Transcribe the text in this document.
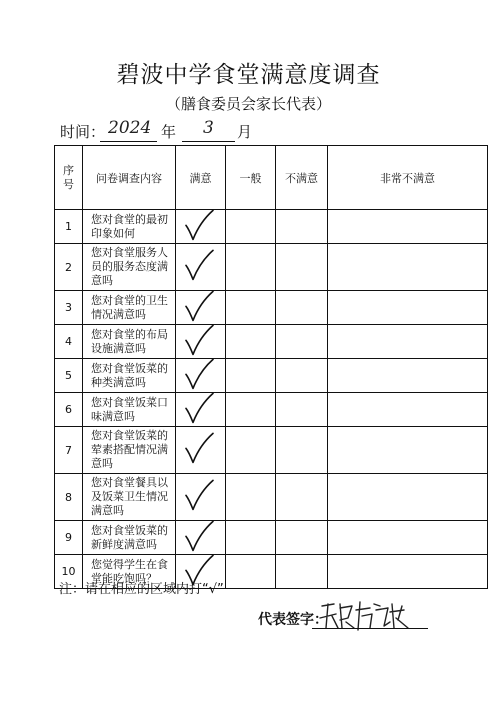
碧波中学食堂满意度调查
（膳食委员会家长代表）
时间： 2024 年 3 月
序号	问卷调查内容	满意	一般	不满意	非常不满意
1	您对食堂的最初印象如何	

2	您对食堂服务人员的服务态度满意吗	

3	您对食堂的卫生情况满意吗	

4	您对食堂的布局设施满意吗	

5	您对食堂饭菜的种类满意吗	

6	您对食堂饭菜口味满意吗	

7	您对食堂饭菜的荤素搭配情况满意吗	

8	您对食堂餐具以及饭菜卫生情况满意吗	

9	您对食堂饭菜的新鲜度满意吗	

10	您觉得学生在食堂能吃饱吗？	

注：请在相应的区域内打“√”
代表签字：
